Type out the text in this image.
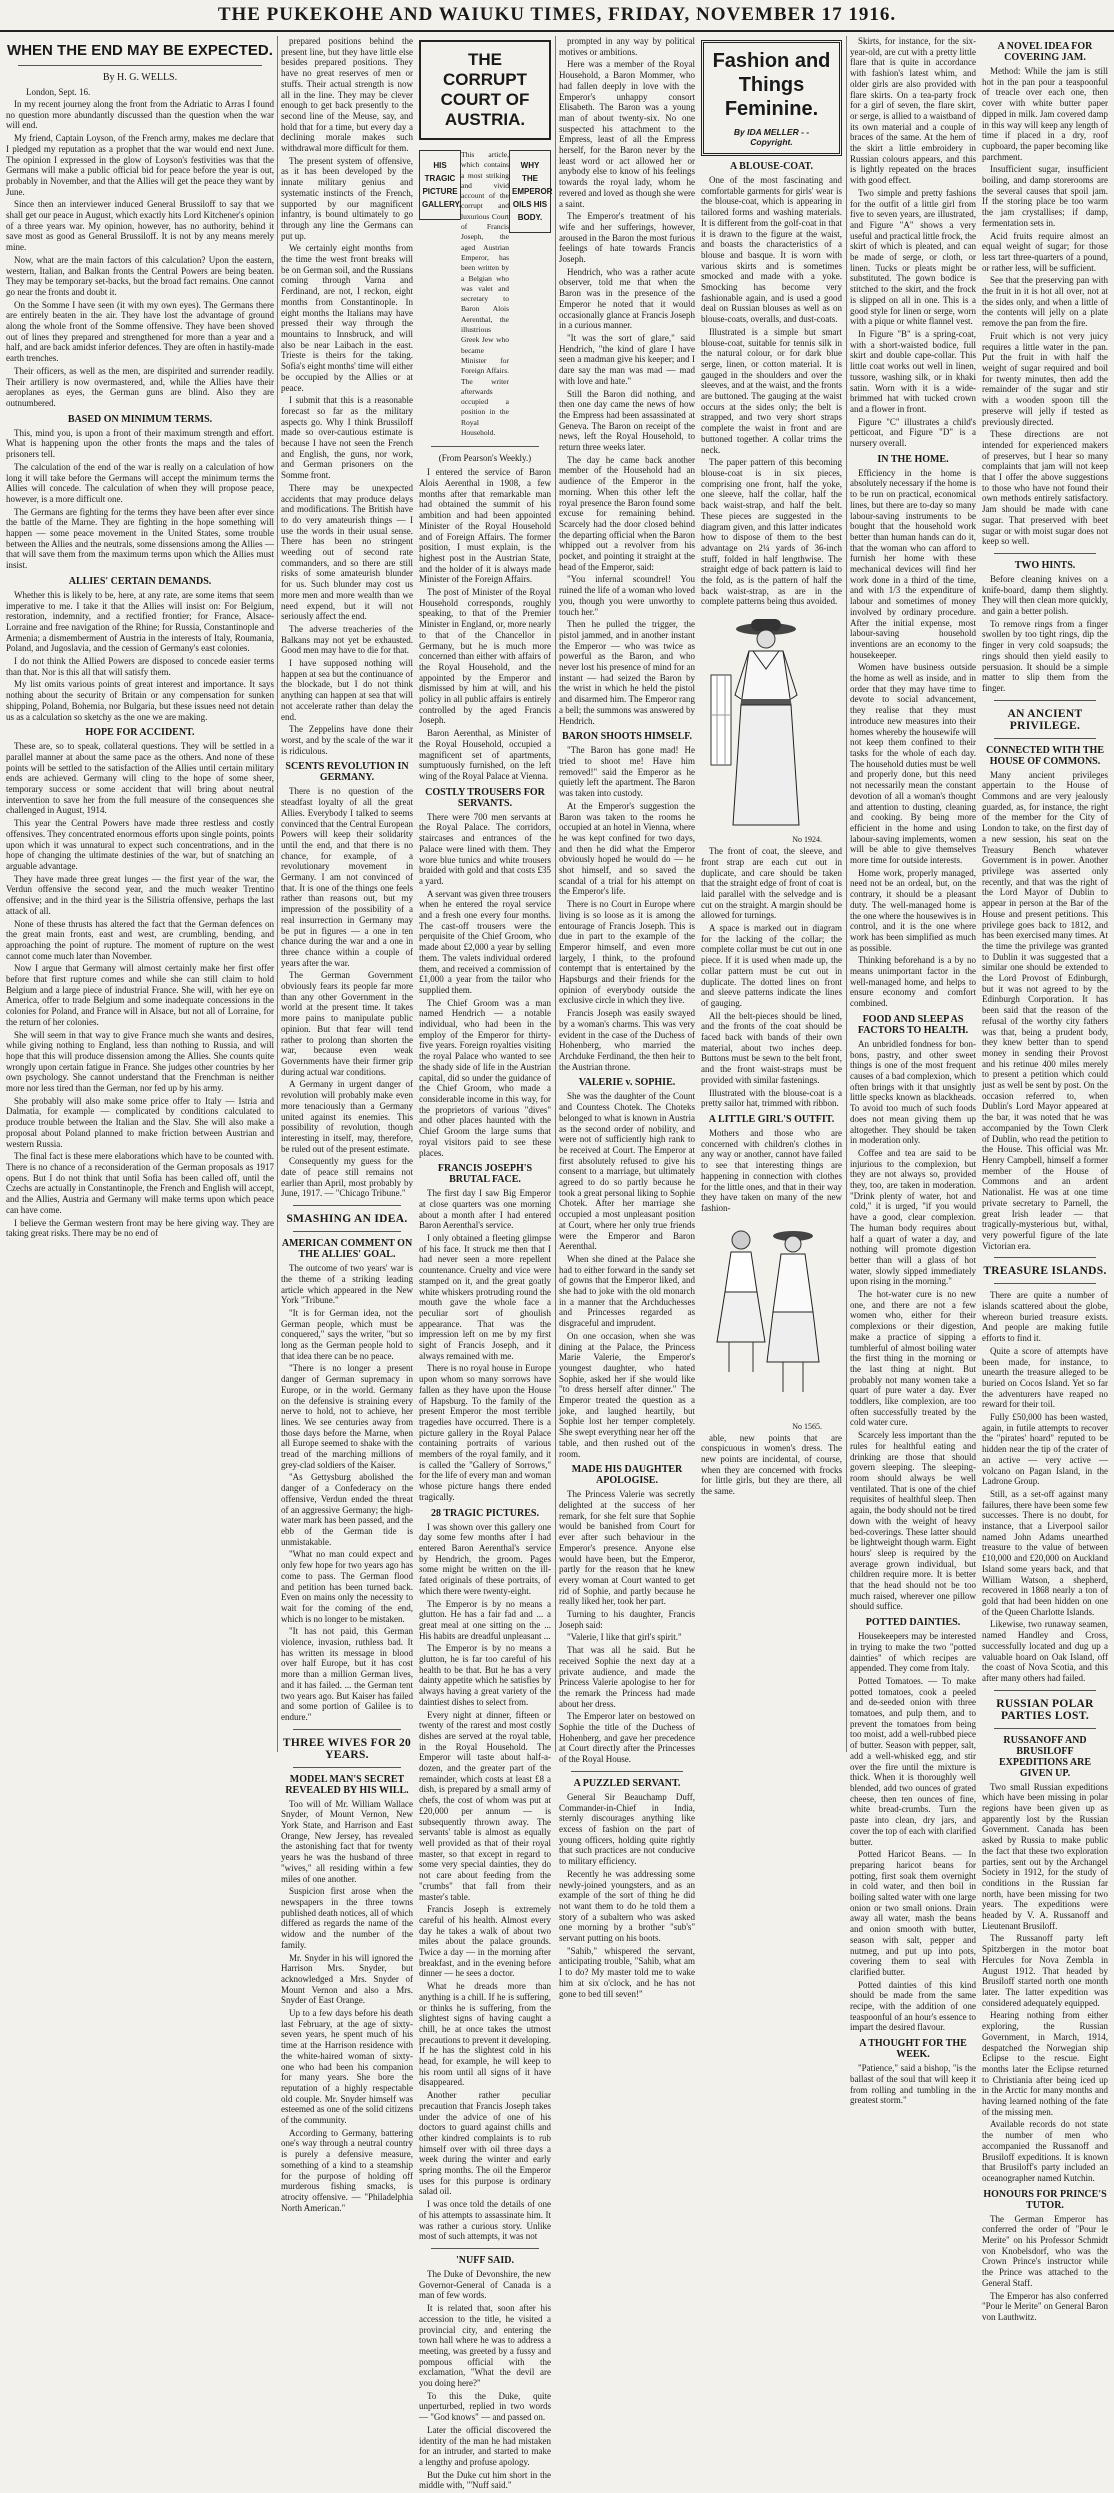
THE PUKEKOHE AND WAIUKU TIMES, FRIDAY, NOVEMBER 17 1916.
WHEN THE END MAY BE EXPECTED.
By H. G. WELLS.
London, Sept. 16.

In my recent journey along the front from the Adriatic to Arras I found no question more abundantly discussed than the question when the war will end.

My friend, Captain Loyson, of the French army, makes me declare that I pledged my reputation as a prophet that the war would end next June. The opinion I expressed in the glow of Loyson's festivities was that the Germans will make a public official bid for peace before the year is out, probably in November, and that the Allies will get the peace they want by June.

Since then an interviewer induced General Brussiloff to say that we shall get our peace in August, which exactly hits Lord Kitchener's opinion of a three years war. My opinion, however, has no authority, behind it save most as good as General Brussiloff. It is not by any means merely mine.

Now, what are the main factors of this calculation? Upon the eastern, western, Italian, and Balkan fronts the Central Powers are being beaten. They may be temporary set-backs, but the broad fact remains. One cannot go near the fronts and doubt it.

On the Somme I have seen (it with my own eyes). The Germans there are entirely beaten in the air. They have lost the advantage of ground along the whole front of the Somme offensive. They have been shoved out of lines they prepared and strengthened for more than a year and a half, and are back amidst inferior defences. They are often in hastily-made earth trenches.

Their officers, as well as the men, are dispirited and surrender readily. Their artillery is now overmastered, and, while the Allies have their aeroplanes as eyes, the German guns are blind. Also they are outnumbered.

BASED ON MINIMUM TERMS.

This, mind you, is upon a front of their maximum strength and effort. What is happening upon the other fronts the maps and the tales of prisoners tell.

The calculation of the end of the war is really on a calculation of how long it will take before the Germans will accept the minimum terms the Allies will concede. The calculation of when they will propose peace, however, is a more difficult one.

The Germans are fighting for the terms they have been after ever since the battle of the Marne. They are fighting in the hope something will happen — some peace movement in the United States, some trouble between the Allies and the neutrals, some dissensions among the Allies — that will save them from the maximum terms upon which the Allies must insist.

ALLIES' CERTAIN DEMANDS.

Whether this is likely to be, here, at any rate, are some items that seem imperative to me. I take it that the Allies will insist on: For Belgium, restoration, indemnity, and a rectified frontier; for France, Alsace-Lorraine and free navigation of the Rhine; for Russia, Constantinople and Armenia; a dismemberment of Austria in the interests of Italy, Roumania, Poland, and Jugoslavia, and the cession of Germany's east colonies.

I do not think the Allied Powers are disposed to concede easier terms than that. Nor is this all that will satisfy them.

My list omits various points of great interest and importance. It says nothing about the security of Britain or any compensation for sunken shipping, Poland, Bohemia, nor Bulgaria, but these issues need not detain us as a calculation so sketchy as the one we are making.

HOPE FOR ACCIDENT.

These are, so to speak, collateral questions. They will be settled in a parallel manner at about the same pace as the others. And none of these points will be settled to the satisfaction of the Allies until certain military ends are achieved. Germany will cling to the hope of some sheer, temporary success or some accident that will bring about neutral intervention to save her from the full measure of the consequences she challenged in August, 1914.

This year the Central Powers have made three restless and costly offensives. They concentrated enormous efforts upon single points, points upon which it was unnatural to expect such concentrations, and in the hope of changing the ultimate destinies of the war, but of snatching an arguable advantage.

They have made three great lunges — the first year of the war, the Verdun offensive the second year, and the much weaker Trentino offensive; and in the third year is the Silistria offensive, perhaps the last attack of all.

None of these thrusts has altered the fact that the German defences on the great main fronts, east and west, are crumbling, bending, and approaching the point of rupture. The moment of rupture on the west cannot come much later than November.

Now I argue that Germany will almost certainly make her first offer before that first rupture comes and while she can still claim to hold Belgium and a large piece of industrial France. She will, with her eye on America, offer to trade Belgium and some inadequate concessions in the colonies for Poland, and France will in Alsace, but not all of Lorraine, for the return of her colonies.

She will seem in that way to give France much she wants and desires, while giving nothing to England, less than nothing to Russia, and will hope that this will produce dissension among the Allies. She counts quite wrongly upon certain fatigue in France. She judges other countries by her own psychology. She cannot understand that the Frenchman is neither more nor less tired than the German, nor fed up by his army.

She probably will also make some price offer to Italy — Istria and Dalmatia, for example — complicated by conditions calculated to produce trouble between the Italian and the Slav. She will also make a proposal about Poland planned to make friction between Austrian and western Russia.

The final fact is these mere elaborations which have to be counted with. There is no chance of a reconsideration of the German proposals as 1917 opens. But I do not think that until Sofia has been called off, until the Czechs are actually in Constantinople, the French and English will accept, and the Allies, Austria and Germany will make terms upon which peace can have come.

I believe the German western front may be here giving way. They are taking great risks. There may be no end of

prepared positions behind the present line, but they have little else besides prepared positions. They have no great reserves of men or stuffs. Their actual strength is now all in the line. They may be clever enough to get back presently to the second line of the Meuse, say, and hold that for a time, but every day a declining morale makes such withdrawal more difficult for them.

The present system of offensive, as it has been developed by the innate military genius and systematic instincts of the French, supported by our magnificent infantry, is bound ultimately to go through any line the Germans can put up.

We certainly eight months from the time the west front breaks will be on German soil, and the Russians coming through Varna and Ferdinand, are not, I reckon, eight months from Constantinople. In eight months the Italians may have pressed their way through the mountains to Innsbruck, and will also be near Laibach in the east. Trieste is theirs for the taking. Sofia's eight months' time will either be occupied by the Allies or at peace.

I submit that this is a reasonable forecast so far as the military aspects go. Why I think Brussiloff made so over-cautious estimate is because I have not seen the French and English, the guns, nor work, and German prisoners on the Somme front.

There may be unexpected accidents that may produce delays and modifications. The British have to do very amateurish things — I use the words in their usual sense. There has been no stringent weeding out of second rate commanders, and so there are still risks of some amateurish blunder for us. Such blunder may cost us more men and more wealth than we need expend, but it will not seriously affect the end.

The adverse treacheries of the Balkans may not yet be exhausted. Good men may have to die for that.

I have supposed nothing will happen at sea but the continuance of the blockade, but I do not think anything can happen at sea that will not accelerate rather than delay the end.

The Zeppelins have done their worst, and by the scale of the war it is ridiculous.

SCENTS REVOLUTION IN GERMANY.

There is no question of the steadfast loyalty of all the great Allies. Everybody I talked to seems convinced that the Central European Powers will keep their solidarity until the end, and that there is no chance, for example, of a revolutionary movement in Germany. I am not convinced of that. It is one of the things one feels rather than reasons out, but my impression of the possibility of a real insurrection in Germany may be put in figures — a one in ten chance during the war and a one in three chance within a couple of years after the war.

The German Government obviously fears its people far more than any other Government in the world at the present time. It takes more pains to manipulate public opinion. But that fear will tend rather to prolong than shorten the war, because even weak Governments have their firmer grip during actual war conditions.

A Germany in urgent danger of revolution will probably make even more tenaciously than a Germany united against its enemies. This possibility of revolution, though interesting in itself, may, therefore, be ruled out of the present estimate.

Consequently my guess for the date of peace still remains not earlier than April, most probably by June, 1917. — "Chicago Tribune."

SMASHING AN IDEA.
AMERICAN COMMENT ON THE ALLIES' GOAL.

The outcome of two years' war is the theme of a striking leading article which appeared in the New York "Tribune."

"It is for German idea, not the German people, which must be conquered," says the writer, "but so long as the German people hold to that idea there can be no peace.

"There is no longer a present danger of German supremacy in Europe, or in the world. Germany on the defensive is straining every nerve to hold, not to achieve, her lines. We see centuries away from those days before the Marne, when all Europe seemed to shake with the tread of the marching millions of grey-clad soldiers of the Kaiser.

"As Gettysburg abolished the danger of a Confederacy on the offensive, Verdun ended the threat of an aggressive Germany; the high-water mark has been passed, and the ebb of the German tide is unmistakable.

"What no man could expect and only few hope for two years ago has come to pass. The German flood and petition has been turned back. Even on mains only the necessity to wait for the coming of the end, which is no longer to be mistaken.

"It has not paid, this German violence, invasion, ruthless bad. It has written its message in blood over half Europe, but it has cost more than a million German lives, and it has failed. ... the German tent two years ago. But Kaiser has failed and some portion of Galilee is to endure."

THREE WIVES FOR 20 YEARS.
MODEL MAN'S SECRET REVEALED BY HIS WILL.

Too will of Mr. William Wallace Snyder, of Mount Vernon, New York State, and Harrison and East Orange, New Jersey, has revealed the astonishing fact that for twenty years he was the husband of three "wives," all residing within a few miles of one another.

Suspicion first arose when the newspapers in the three towns published death notices, all of which differed as regards the name of the widow and the number of the family.

Mr. Snyder in his will ignored the Harrison Mrs. Snyder, but acknowledged a Mrs. Snyder of Mount Vernon and also a Mrs. Snyder of East Orange.

Up to a few days before his death last February, at the age of sixty-seven years, he spent much of his time at the Harrison residence with the white-haired woman of sixty-one who had been his companion for many years. She bore the reputation of a highly respectable old couple. Mr. Snyder himself was esteemed as one of the solid citizens of the community.

According to Germany, battering one's way through a neutral country is purely a defensive measure, something of a kind to a steamship for the purpose of holding off murderous fishing smacks, is atrocity offensive. — "Philadelphia North American."

THE CORRUPT COURT OF AUSTRIA.
HIS TRAGIC PICTURE GALLERY.

This article, which contains a most striking and vivid account of the corrupt and luxurious Court of Francis Joseph, the aged Austrian Emperor, has been written by a Belgian who was valet and secretary to Baron Alois Aerenthal, the illustrious Greek Jew who became Minister for Foreign Affairs. The writer afterwards occupied a position in the Royal Household.

WHY THE EMPEROR OILS HIS BODY.
(From Pearson's Weekly.)

I entered the service of Baron Alois Aerenthal in 1908, a few months after that remarkable man had obtained the summit of his ambition and had been appointed Minister of the Royal Household and of Foreign Affairs. The former position, I must explain, is the highest post in the Austrian State, and the holder of it is always made Minister of the Foreign Affairs.

The post of Minister of the Royal Household corresponds, roughly speaking, to that of the Premier Minister in England, or, more nearly to that of the Chancellor in Germany, but he is much more concerned than either with affairs of the Royal Household, and the appointed by the Emperor and dismissed by him at will, and his policy in all public affairs is entirely controlled by the aged Francis Joseph.

Baron Aerenthal, as Minister of the Royal Household, occupied a magnificent set of apartments, sumptuously furnished, on the left wing of the Royal Palace at Vienna.

COSTLY TROUSERS FOR SERVANTS.

There were 700 men servants at the Royal Palace. The corridors, staircases and entrances of the Palace were lined with them. They wore blue tunics and white trousers braided with gold and that costs £35 a yard.

A servant was given three trousers when he entered the royal service and a fresh one every four months. The cast-off trousers were the perquisite of the Chief Groom, who made about £2,000 a year by selling them. The valets individual ordered them, and received a commission of £1,000 a year from the tailor who supplied them.

The Chief Groom was a man named Hendrich — a notable individual, who had been in the employ of the Emperor for thirty-five years. Foreign royalties visiting the royal Palace who wanted to see the shady side of life in the Austrian capital, did so under the guidance of the Chief Groom, who made a considerable income in this way, for the proprietors of various "dives" and other places haunted with the Chief Groom the large sums that royal visitors paid to see these places.

FRANCIS JOSEPH'S BRUTAL FACE.

The first day I saw Big Emperor at close quarters was one morning about a month after I had entered Baron Aerenthal's service.

I only obtained a fleeting glimpse of his face. It struck me then that I had never seen a more repellent countenance. Cruelty and vice were stamped on it, and the great goatly white whiskers protruding round the mouth gave the whole face a peculiar sort of ghoulish appearance. That was the impression left on me by my first sight of Francis Joseph, and it always remained with me.

There is no royal house in Europe upon whom so many sorrows have fallen as they have upon the House of Hapsburg. To the family of the present Emperor the most terrible tragedies have occurred. There is a picture gallery in the Royal Palace containing portraits of various members of the royal family, and it is called the "Gallery of Sorrows," for the life of every man and woman whose picture hangs there ended tragically.

28 TRAGIC PICTURES.

I was shown over this gallery one day some few months after I had entered Baron Aerenthal's service by Hendrich, the groom. Pages some might be written on the ill-fated originals of these portraits, of which there were twenty-eight.

The Emperor is by no means a glutton. He has a fair fad and ... a great meal at one sitting on the ... His habits are dreadful unpleasant ...

The Emperor is by no means a glutton, he is far too careful of his health to be that. But he has a very dainty appetite which he satisfies by always having a great variety of the daintiest dishes to select from.

Every night at dinner, fifteen or twenty of the rarest and most costly dishes are served at the royal table, in the Royal Household. The Emperor will taste about half-a-dozen, and the greater part of the remainder, which costs at least £8 a dish, is prepared by a small army of chefs, the cost of whom was put at £20,000 per annum — is subsequently thrown away. The servants' table is almost as equally well provided as that of their royal master, so that except in regard to some very special dainties, they do not care about feeding from the "crumbs" that fall from their master's table.

Francis Joseph is extremely careful of his health. Almost every day he takes a walk of about two miles about the palace grounds. Twice a day — in the morning after breakfast, and in the evening before dinner — he sees a doctor.

What he dreads more than anything is a chill. If he is suffering, or thinks he is suffering, from the slightest signs of having caught a chill, he at once takes the utmost precautions to prevent it developing. If he has the slightest cold in his head, for example, he will keep to his room until all signs of it have disappeared.

Another rather peculiar precaution that Francis Joseph takes under the advice of one of his doctors to guard against chills and other kindred complaints is to rub himself over with oil three days a week during the winter and early spring months. The oil the Emperor uses for this purpose is ordinary salad oil.

I was once told the details of one of his attempts to assassinate him. It was rather a curious story. Unlike most of such attempts, it was not

'NUFF SAID.

The Duke of Devonshire, the new Governor-General of Canada is a man of few words.

It is related that, soon after his accession to the title, he visited a provincial city, and entering the town hall where he was to address a meeting, was greeted by a fussy and pompous official with the exclamation, "What the devil are you doing here?"

To this the Duke, quite unperturbed, replied in two words — "God knows" — and passed on.

Later the official discovered the identity of the man he had mistaken for an intruder, and started to make a lengthy and profuse apology.

But the Duke cut him short in the middle with, "'Nuff said."

prompted in any way by political motives or ambitions.

Here was a member of the Royal Household, a Baron Mommer, who had fallen deeply in love with the Emperor's unhappy consort Elisabeth. The Baron was a young man of about twenty-six. No one suspected his attachment to the Empress, least of all the Empress herself, for the Baron never by the least word or act allowed her or anybody else to know of his feelings towards the royal lady, whom he revered and loved as though she were a saint.

The Emperor's treatment of his wife and her sufferings, however, aroused in the Baron the most furious feelings of hate towards Francis Joseph.

Hendrich, who was a rather acute observer, told me that when the Baron was in the presence of the Emperor he noted that it would occasionally glance at Francis Joseph in a curious manner.

"It was the sort of glare," said Hendrich, "the kind of glare I have seen a madman give his keeper; and I dare say the man was mad — mad with love and hate."

Still the Baron did nothing, and then one day came the news of how the Empress had been assassinated at Geneva. The Baron on receipt of the news, left the Royal Household, to return three weeks later.

The day he came back another member of the Household had an audience of the Emperor in the morning. When this other left the royal presence the Baron found some excuse for remaining behind. Scarcely had the door closed behind the departing official when the Baron whipped out a revolver from his pocket, and pointing it straight at the head of the Emperor, said:

"You infernal scoundrel! You ruined the life of a woman who loved you, though you were unworthy to touch her."

Then he pulled the trigger, the pistol jammed, and in another instant the Emperor — who was twice as powerful as the Baron, and who never lost his presence of mind for an instant — had seized the Baron by the wrist in which he held the pistol and disarmed him. The Emperor rang a bell; the summons was answered by Hendrich.

BARON SHOOTS HIMSELF.

"The Baron has gone mad! He tried to shoot me! Have him removed!" said the Emperor as he quietly left the apartment. The Baron was taken into custody.

At the Emperor's suggestion the Baron was taken to the rooms he occupied at an hotel in Vienna, where he was kept confined for two days, and then he did what the Emperor obviously hoped he would do — he shot himself, and so saved the scandal of a trial for his attempt on the Emperor's life.

There is no Court in Europe where living is so loose as it is among the entourage of Francis Joseph. This is due in part to the example of the Emperor himself, and even more largely, I think, to the profound contempt that is entertained by the Hapsburgs and their friends for the opinion of everybody outside the exclusive circle in which they live.

Francis Joseph was easily swayed by a woman's charms. This was very evident in the case of the Duchess of Hohenberg, who married the Archduke Ferdinand, the then heir to the Austrian throne.

VALERIE v. SOPHIE.

She was the daughter of the Count and Countess Chotek. The Choteks belonged to what is known in Austria as the second order of nobility, and were not of sufficiently high rank to be received at Court. The Emperor at first absolutely refused to give his consent to a marriage, but ultimately agreed to do so partly because he took a great personal liking to Sophie Chotek. After her marriage she occupied a most unpleasant position at Court, where her only true friends were the Emperor and Baron Aerenthal.

When she dined at the Palace she had to either forward in the sandy set of gowns that the Emperor liked, and she had to joke with the old monarch in a manner that the Archduchesses and Princesses regarded as disgraceful and imprudent.

On one occasion, when she was dining at the Palace, the Princess Marie Valerie, the Emperor's youngest daughter, who hated Sophie, asked her if she would like "to dress herself after dinner." The Emperor treated the question as a joke, and laughed heartily, but Sophie lost her temper completely. She swept everything near her off the table, and then rushed out of the room.

MADE HIS DAUGHTER APOLOGISE.

The Princess Valerie was secretly delighted at the success of her remark, for she felt sure that Sophie would be banished from Court for ever after such behaviour in the Emperor's presence. Anyone else would have been, but the Emperor, partly for the reason that he knew every woman at Court wanted to get rid of Sophie, and partly because he really liked her, took her part.

Turning to his daughter, Francis Joseph said:

"Valerie, I like that girl's spirit."

That was all he said. But he received Sophie the next day at a private audience, and made the Princess Valerie apologise to her for the remark the Princess had made about her dress.

The Emperor later on bestowed on Sophie the title of the Duchess of Hohenberg, and gave her precedence at Court directly after the Princesses of the Royal House.

A PUZZLED SERVANT.

General Sir Beauchamp Duff, Commander-in-Chief in India, sternly discourages anything like excess of fashion on the part of young officers, holding quite rightly that such practices are not conducive to military efficiency.

Recently he was addressing some newly-joined youngsters, and as an example of the sort of thing he did not want them to do he told them a story of a subaltern who was asked one morning by a brother "sub's" servant putting on his boots.

"Sahib," whispered the servant, anticipating trouble, "Sahib, what am I to do? My master told me to wake him at six o'clock, and he has not gone to bed till seven!"

Fashion and Things Feminine.
By IDA MELLER - - Copyright.
A BLOUSE-COAT.

One of the most fascinating and comfortable garments for girls' wear is the blouse-coat, which is appearing in tailored forms and washing materials. It is different from the golf-coat in that it is drawn to the figure at the waist, and boasts the characteristics of a blouse and basque. It is worn with various skirts and is sometimes smocked and made with a yoke. Smocking has become very fashionable again, and is used a good deal on Russian blouses as well as on blouse-coats, overalls, and dust-coats.

Illustrated is a simple but smart blouse-coat, suitable for tennis silk in the natural colour, or for dark blue serge, linen, or cotton material. It is gauged in the shoulders and over the sleeves, and at the waist, and the fronts are buttoned. The gauging at the waist occurs at the sides only; the belt is strapped, and two very short straps complete the waist in front and are buttoned together. A collar trims the neck.

The paper pattern of this becoming blouse-coat is in six pieces, comprising one front, half the yoke, one sleeve, half the collar, half the back waist-strap, and half the belt. These pieces are suggested in the diagram given, and this latter indicates how to dispose of them to the best advantage on 2¼ yards of 36-inch stuff, folded in half lengthwise. The straight edge of back pattern is laid to the fold, as is the pattern of half the back waist-strap, as are in the complete patterns being thus avoided.

No 1924.

The front of coat, the sleeve, and front strap are each cut out in duplicate, and care should be taken that the straight edge of front of coat is laid parallel with the selvedge and is cut on the straight. A margin should be allowed for turnings.

A space is marked out in diagram for the lacking of the collar; the complete collar must be cut out in one piece. If it is used when made up, the collar pattern must be cut out in duplicate. The dotted lines on front and sleeve patterns indicate the lines of gauging.

All the belt-pieces should be lined, and the fronts of the coat should be faced back with bands of their own material, about two inches deep. Buttons must be sewn to the belt front, and the front waist-straps must be provided with similar fastenings.

Illustrated with the blouse-coat is a pretty sailor hat, trimmed with ribbon.

A LITTLE GIRL'S OUTFIT.

Mothers and those who are concerned with children's clothes in any way or another, cannot have failed to see that interesting things are happening in connection with clothes for the little ones, and that in their way they have taken on many of the new fashion-

No 1565.

able, new points that are conspicuous in women's dress. The new points are incidental, of course, when they are concerned with frocks for little girls, but they are there, all the same.

Skirts, for instance, for the six-year-old, are cut with a pretty little flare that is quite in accordance with fashion's latest whim, and older girls are also provided with flare skirts. On a tea-party frock for a girl of seven, the flare skirt, or serge, is allied to a waistband of its own material and a couple of braces of the same. At the hem of the skirt a little embroidery in Russian colours appears, and this is lightly repeated on the braces with good effect.

Two simple and pretty fashions for the outfit of a little girl from five to seven years, are illustrated, and Figure "A" shows a very useful and practical little frock, the skirt of which is pleated, and can be made of serge, or cloth, or linen. Tucks or pleats might be substituted. The gown bodice is stitched to the skirt, and the frock is slipped on all in one. This is a good style for linen or serge, worn with a pique or white flannel vest.

In Figure "B" is a spring-coat, with a short-waisted bodice, full skirt and double cape-collar. This little coat works out well in linen, tussore, washing silk, or in khaki satin. Worn with it is a wide-brimmed hat with tucked crown and a flower in front.

Figure "C" illustrates a child's petticoat, and Figure "D" is a nursery overall.

IN THE HOME.

Efficiency in the home is absolutely necessary if the home is to be run on practical, economical lines, but there are to-day so many labour-saving instruments to be bought that the household work better than human hands can do it, that the woman who can afford to furnish her home with these mechanical devices will find her work done in a third of the time, and with 1/3 the expenditure of labour and sometimes of money involved by ordinary procedure. After the initial expense, most labour-saving household inventions are an economy to the housekeeper.

Women have business outside the home as well as inside, and in order that they may have time to devote to social advancement, they realise that they must introduce new measures into their homes whereby the housewife will not keep them confined to their tasks for the whole of each day. The household duties must be well and properly done, but this need not necessarily mean the constant devotion of all a woman's thought and attention to dusting, cleaning and cooking. By being more efficient in the home and using labour-saving implements, women will be able to give themselves more time for outside interests.

Home work, properly managed, need not be an ordeal, but, on the contrary, it should be a pleasant duty. The well-managed home is the one where the housewives is in control, and it is the one where work has been simplified as much as possible.

Thinking beforehand is a by no means unimportant factor in the well-managed home, and helps to ensure economy and comfort combined.

FOOD AND SLEEP AS FACTORS TO HEALTH.

An unbridled fondness for bon-bons, pastry, and other sweet things is one of the most frequent causes of a bad complexion, which often brings with it that unsightly little specks known as blackheads. To avoid too much of such foods does not mean giving them up altogether. They should be taken in moderation only.

Coffee and tea are said to be injurious to the complexion, but they are not always so, provided they, too, are taken in moderation. "Drink plenty of water, hot and cold," it is urged, "if you would have a good, clear complexion. The human body requires about half a quart of water a day, and nothing will promote digestion better than will a glass of hot water, slowly sipped immediately upon rising in the morning."

The hot-water cure is no new one, and there are not a few women who, either for their complexions or their digestion, make a practice of sipping a tumblerful of almost boiling water the first thing in the morning or the last thing at night. But probably not many women take a quart of pure water a day. Ever toddlers, like complexion, are too often successfully treated by the cold water cure.

Scarcely less important than the rules for healthful eating and drinking are those that should govern sleeping. The sleeping-room should always be well ventilated. That is one of the chief requisites of healthful sleep. Then again, the body should not be tired down with the weight of heavy bed-coverings. These latter should be lightweight though warm. Eight hours' sleep is required by the average grown individual, but children require more. It is better that the head should not be too much raised, wherever one pillow should suffice.

POTTED DAINTIES.

Housekeepers may be interested in trying to make the two "potted dainties" of which recipes are appended. They come from Italy.

Potted Tomatoes. — To make potted tomatoes, cook a peeled and de-seeded onion with three tomatoes, and pulp them, and to prevent the tomatoes from being too moist, add a well-rubbed piece of butter. Season with pepper, salt, add a well-whisked egg, and stir over the fire until the mixture is thick. When it is thoroughly well blended, add two ounces of grated cheese, then ten ounces of fine, white bread-crumbs. Turn the paste into clean, dry jars, and cover the top of each with clarified butter.

Potted Haricot Beans. — In preparing haricot beans for potting, first soak them overnight in cold water, and then boil in boiling salted water with one large onion or two small onions. Drain away all water, mash the beans and onion smooth with butter, season with salt, pepper and nutmeg, and put up into pots, covering them to seal with clarified butter.

Potted dainties of this kind should be made from the same recipe, with the addition of one teaspoonful of an hour's essence to impart the desired flavour.

A THOUGHT FOR THE WEEK.

"Patience," said a bishop, "is the ballast of the soul that will keep it from rolling and tumbling in the greatest storm."

A NOVEL IDEA FOR COVERING JAM.

Method: While the jam is still hot in the pan pour a teaspoonful of treacle over each one, then cover with white butter paper dipped in milk. Jam covered damp in this way will keep any length of time if placed in a dry, roof cupboard, the paper becoming like parchment.

Insufficient sugar, insufficient boiling, and damp storerooms are the several causes that spoil jam. If the storing place be too warm the jam crystallises; if damp, fermentation sets in.

Acid fruits require almost an equal weight of sugar; for those less tart three-quarters of a pound, or rather less, will be sufficient.

See that the preserving pan with the fruit in it is hot all over, not at the sides only, and when a little of the contents will jelly on a plate remove the pan from the fire.

Fruit which is not very juicy requires a little water in the pan. Put the fruit in with half the weight of sugar required and boil for twenty minutes, then add the remainder of the sugar and stir with a wooden spoon till the preserve will jelly if tested as previously directed.

These directions are not intended for experienced makers of preserves, but I hear so many complaints that jam will not keep that I offer the above suggestions to those who have not found their own methods entirely satisfactory. Jam should be made with cane sugar. That preserved with beet sugar or with moist sugar does not keep so well.

TWO HINTS.

Before cleaning knives on a knife-board, damp them slightly. They will then clean more quickly, and gain a better polish.

To remove rings from a finger swollen by too tight rings, dip the finger in very cold soapsuds; the rings should then yield easily to persuasion. It should be a simple matter to slip them from the finger.

AN ANCIENT PRIVILEGE.
CONNECTED WITH THE HOUSE OF COMMONS.

Many ancient privileges appertain to the House of Commons and are very jealously guarded, as, for instance, the right of the member for the City of London to take, on the first day of a new session, his seat on the Treasury Bench whatever Government is in power. Another privilege was asserted only recently, and that was the right of the Lord Mayor of Dublin to appear in person at the Bar of the House and present petitions. This privilege goes back to 1812, and has been exercised many times. At the time the privilege was granted to Dublin it was suggested that a similar one should be extended to the Lord Provost of Edinburgh, but it was not agreed to by the Edinburgh Corporation. It has been said that the reason of the refusal of the worthy city fathers was that, being a prudent body, they knew better than to spend money in sending their Provost and his retinue 400 miles merely to present a petition which could just as well be sent by post. On the occasion referred to, when Dublin's Lord Mayor appeared at the bar, it was noted that he was accompanied by the Town Clerk of Dublin, who read the petition to the House. This official was Mr. Henry Campbell, himself a former member of the House of Commons and an ardent Nationalist. He was at one time private secretary to Parnell, the great Irish leader — that tragically-mysterious but, withal, very powerful figure of the late Victorian era.

TREASURE ISLANDS.

There are quite a number of islands scattered about the globe, whereon buried treasure exists. And people are making futile efforts to find it.

Quite a score of attempts have been made, for instance, to unearth the treasure alleged to be buried on Cocos Island. Yet so far the adventurers have reaped no reward for their toil.

Fully £50,000 has been wasted, again, in futile attempts to recover the "pirates' hoard" reputed to be hidden near the tip of the crater of an active — very active — volcano on Pagan Island, in the Ladrone Group.

Still, as a set-off against many failures, there have been some few successes. There is no doubt, for instance, that a Liverpool sailor named John Adams unearthed treasure to the value of between £10,000 and £20,000 on Auckland Island some years back, and that William Watson, a shepherd, recovered in 1868 nearly a ton of gold that had been hidden on one of the Queen Charlotte Islands.

Likewise, two runaway seamen, named Handley and Cross, successfully located and dug up a valuable hoard on Oak Island, off the coast of Nova Scotia, and this after many others had failed.

RUSSIAN POLAR PARTIES LOST.
RUSSANOFF AND BRUSILOFF EXPEDITIONS ARE GIVEN UP.

Two small Russian expeditions which have been missing in polar regions have been given up as apparently lost by the Russian Government. Canada has been asked by Russia to make public the fact that these two exploration parties, sent out by the Archangel Society in 1912, for the study of conditions in the Russian far north, have been missing for two years. The expeditions were headed by V. A. Russanoff and Lieutenant Brusiloff.

The Russanoff party left Spitzbergen in the motor boat Hercules for Nova Zembla in August 1912. That headed by Brusiloff started north one month later. The latter expedition was considered adequately equipped.

Hearing nothing from either exploring, the Russian Government, in March, 1914, despatched the Norwegian ship Eclipse to the rescue. Eight months later the Eclipse returned to Christiania after being iced up in the Arctic for many months and having learned nothing of the fate of the missing men.

Available records do not state the number of men who accompanied the Russanoff and Brusiloff expeditions. It is known that Brusiloff's party included an oceanographer named Kutchin.

HONOURS FOR PRINCE'S TUTOR.

The German Emperor has conferred the order of "Pour le Merite" on his Professor Schmidt von Knobelsdorf, who was the Crown Prince's instructor while the Prince was attached to the General Staff.

The Emperor has also conferred "Pour le Merite" on General Baron von Lauthwitz.
